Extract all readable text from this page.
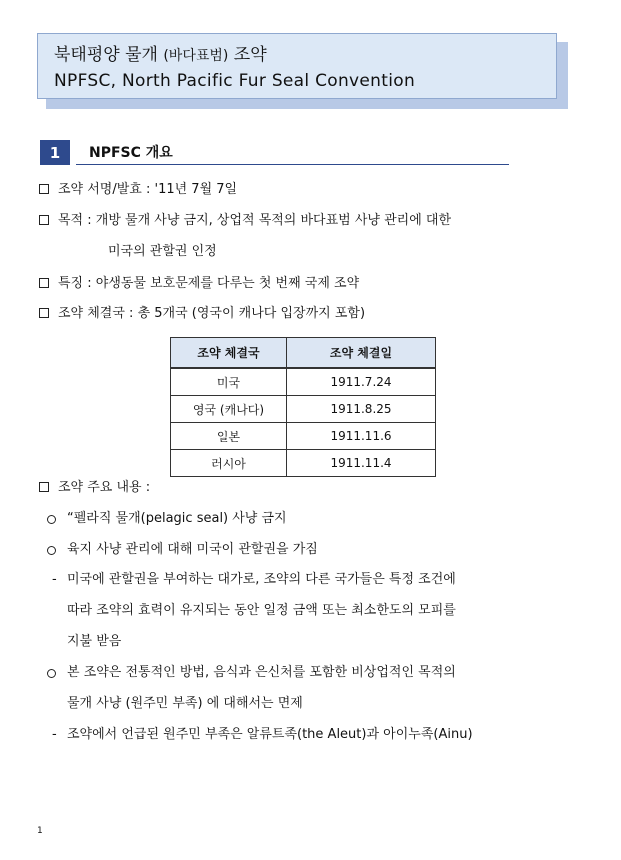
북태평양 물개 (바다표범) 조약
NPFSC, North Pacific Fur Seal Convention
1	NPFSC 개요
조약 서명/발효 : '11년 7월 7일
목적 : 개방 물개 사냥 금지, 상업적 목적의 바다표범 사냥 관리에 대한
미국의 관할권 인정
특징 : 야생동물 보호문제를 다루는 첫 번째 국제 조약
조약 체결국 : 총 5개국 (영국이 캐나다 입장까지 포함)
조약 체결국	조약 체결일
미국	1911.7.24
영국 (캐나다)	1911.8.25
일본	1911.11.6
러시아	1911.11.4
조약 주요 내용 :
“펠라직 물개(pelagic seal) 사냥 금지
육지 사냥 관리에 대해 미국이 관할권을 가짐
- 미국에 관할권을 부여하는 대가로, 조약의 다른 국가들은 특정 조건에
따라 조약의 효력이 유지되는 동안 일정 금액 또는 최소한도의 모피를
지불 받음
본 조약은 전통적인 방법, 음식과 은신처를 포함한 비상업적인 목적의
물개 사냥 (원주민 부족) 에 대해서는 면제
- 조약에서 언급된 원주민 부족은 알류트족(the Aleut)과 아이누족(Ainu)
1
